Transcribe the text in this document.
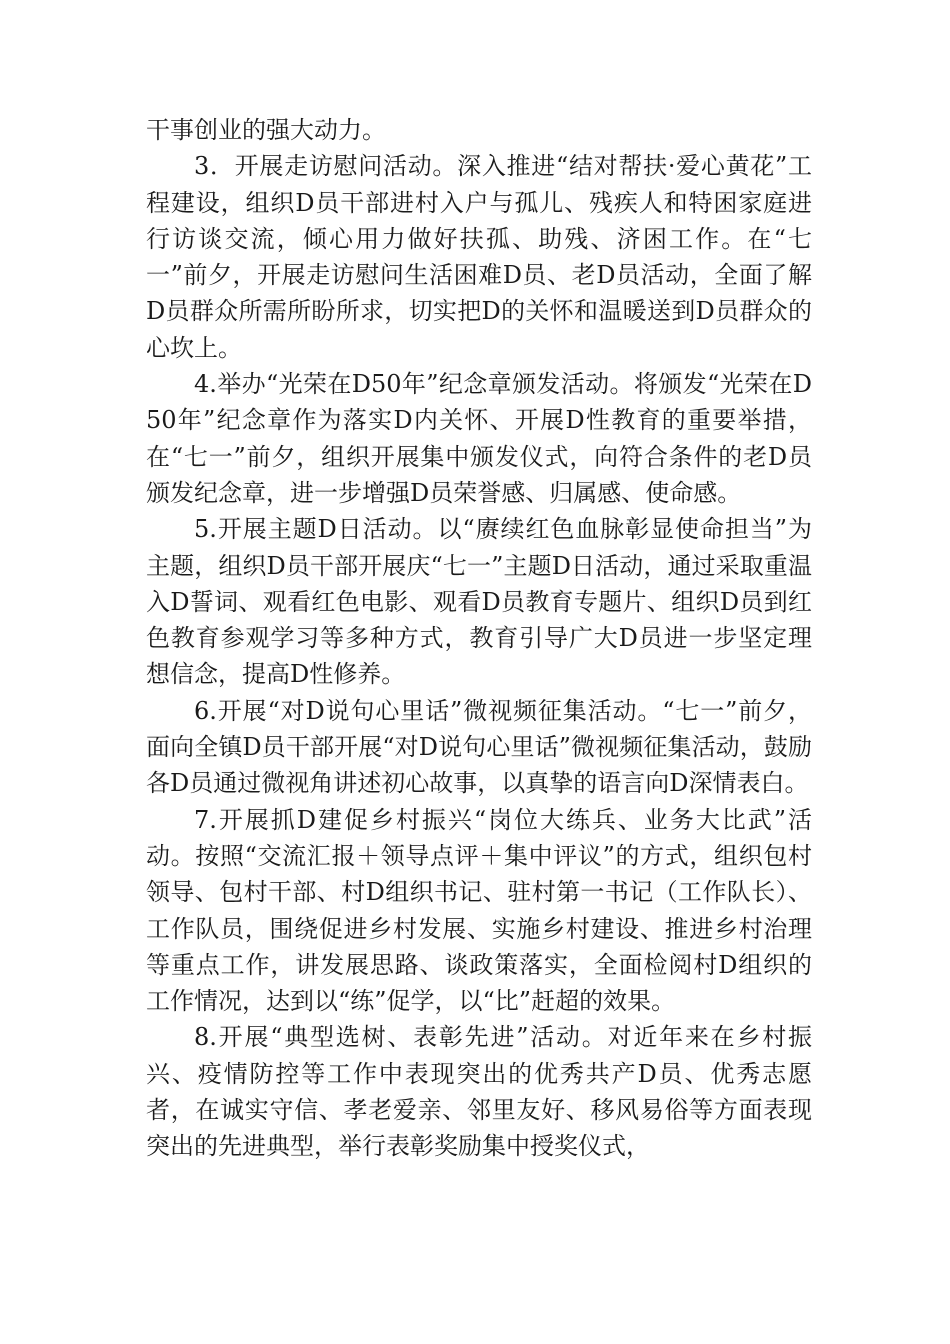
干事创业的强大动力。

3．开展走访慰问活动。深入推进“结对帮扶·爱心黄花”工程建设，组织D员干部进村入户与孤儿、残疾人和特困家庭进行访谈交流，倾心用力做好扶孤、助残、济困工作。在“七一”前夕，开展走访慰问生活困难D员、老D员活动，全面了解D员群众所需所盼所求，切实把D的关怀和温暖送到D员群众的心坎上。

4.举办“光荣在D50年”纪念章颁发活动。将颁发“光荣在D50年”纪念章作为落实D内关怀、开展D性教育的重要举措，在“七一”前夕，组织开展集中颁发仪式，向符合条件的老D员颁发纪念章，进一步增强D员荣誉感、归属感、使命感。

5.开展主题D日活动。以“赓续红色血脉彰显使命担当”为主题，组织D员干部开展庆“七一”主题D日活动，通过采取重温入D誓词、观看红色电影、观看D员教育专题片、组织D员到红色教育参观学习等多种方式，教育引导广大D员进一步坚定理想信念，提高D性修养。

6.开展“对D说句心里话”微视频征集活动。“七一”前夕，面向全镇D员干部开展“对D说句心里话”微视频征集活动，鼓励各D员通过微视角讲述初心故事，以真挚的语言向D深情表白。

7.开展抓D建促乡村振兴“岗位大练兵、业务大比武”活动。按照“交流汇报＋领导点评＋集中评议”的方式，组织包村领导、包村干部、村D组织书记、驻村第一书记（工作队长）、工作队员，围绕促进乡村发展、实施乡村建设、推进乡村治理等重点工作，讲发展思路、谈政策落实，全面检阅村D组织的工作情况，达到以“练”促学，以“比”赶超的效果。

8.开展“典型选树、表彰先进”活动。对近年来在乡村振兴、疫情防控等工作中表现突出的优秀共产D员、优秀志愿者，在诚实守信、孝老爱亲、邻里友好、移风易俗等方面表现突出的先进典型，举行表彰奖励集中授奖仪式，
